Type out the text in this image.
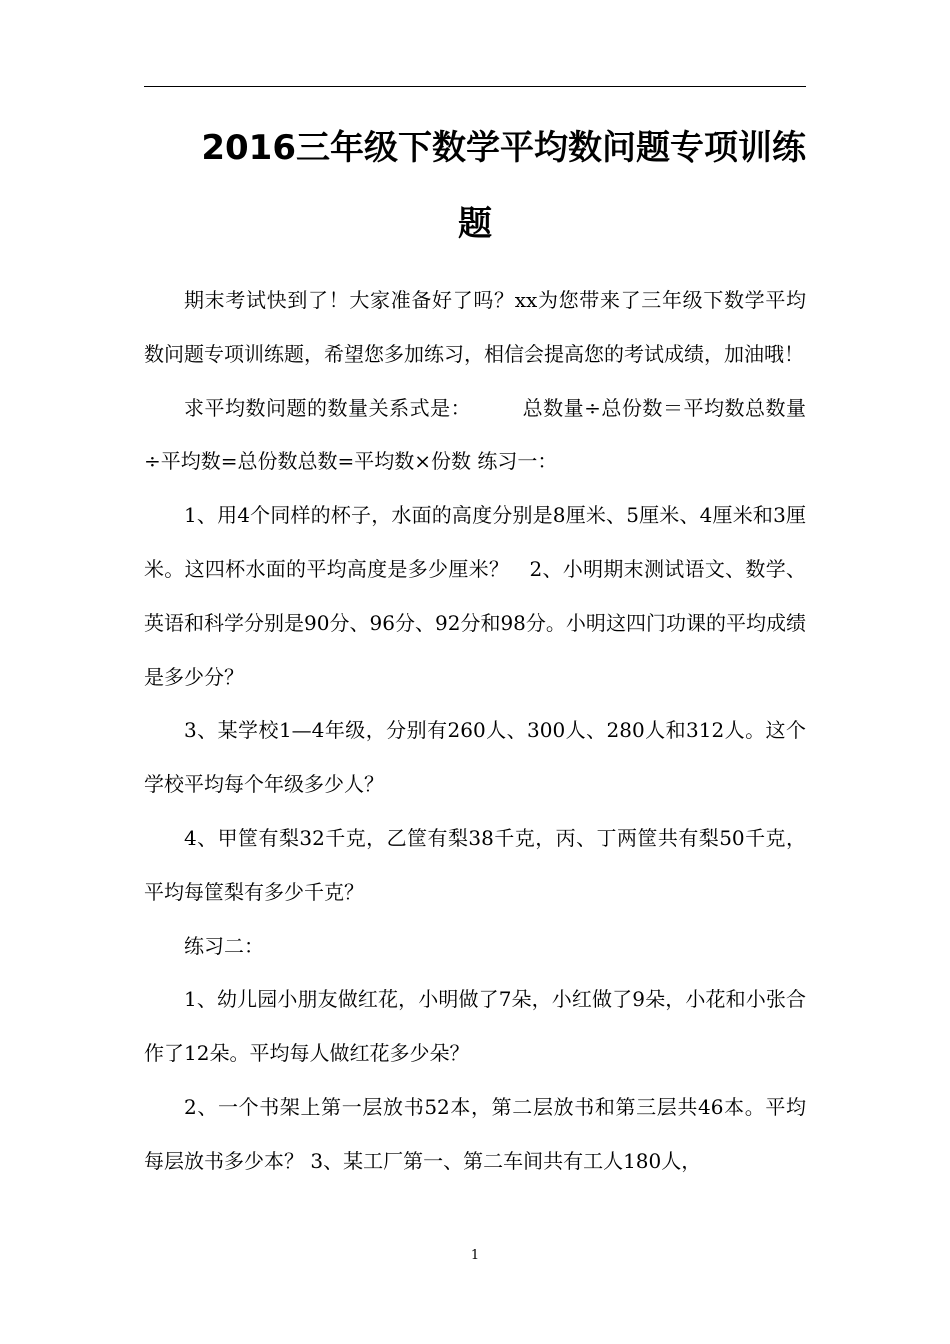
2016三年级下数学平均数问题专项训练
题

期末考试快到了！大家准备好了吗？xx为您带来了三年级下数学平均数问题专项训练题，希望您多加练习，相信会提高您的考试成绩，加油哦！

求平均数问题的数量关系式是：　　　总数量÷总份数＝平均数总数量÷平均数=总份数总数=平均数×份数 练习一：

1、用4个同样的杯子，水面的高度分别是8厘米、5厘米、4厘米和3厘米。这四杯水面的平均高度是多少厘米？　2、小明期末测试语文、数学、英语和科学分别是90分、96分、92分和98分。小明这四门功课的平均成绩是多少分？

3、某学校1—4年级，分别有260人、300人、280人和312人。这个学校平均每个年级多少人？

4、甲筐有梨32千克，乙筐有梨38千克，丙、丁两筐共有梨50千克，平均每筐梨有多少千克？

练习二：

1、幼儿园小朋友做红花，小明做了7朵，小红做了9朵，小花和小张合作了12朵。平均每人做红花多少朵？

2、一个书架上第一层放书52本，第二层放书和第三层共46本。平均每层放书多少本？ 3、某工厂第一、第二车间共有工人180人，

1
